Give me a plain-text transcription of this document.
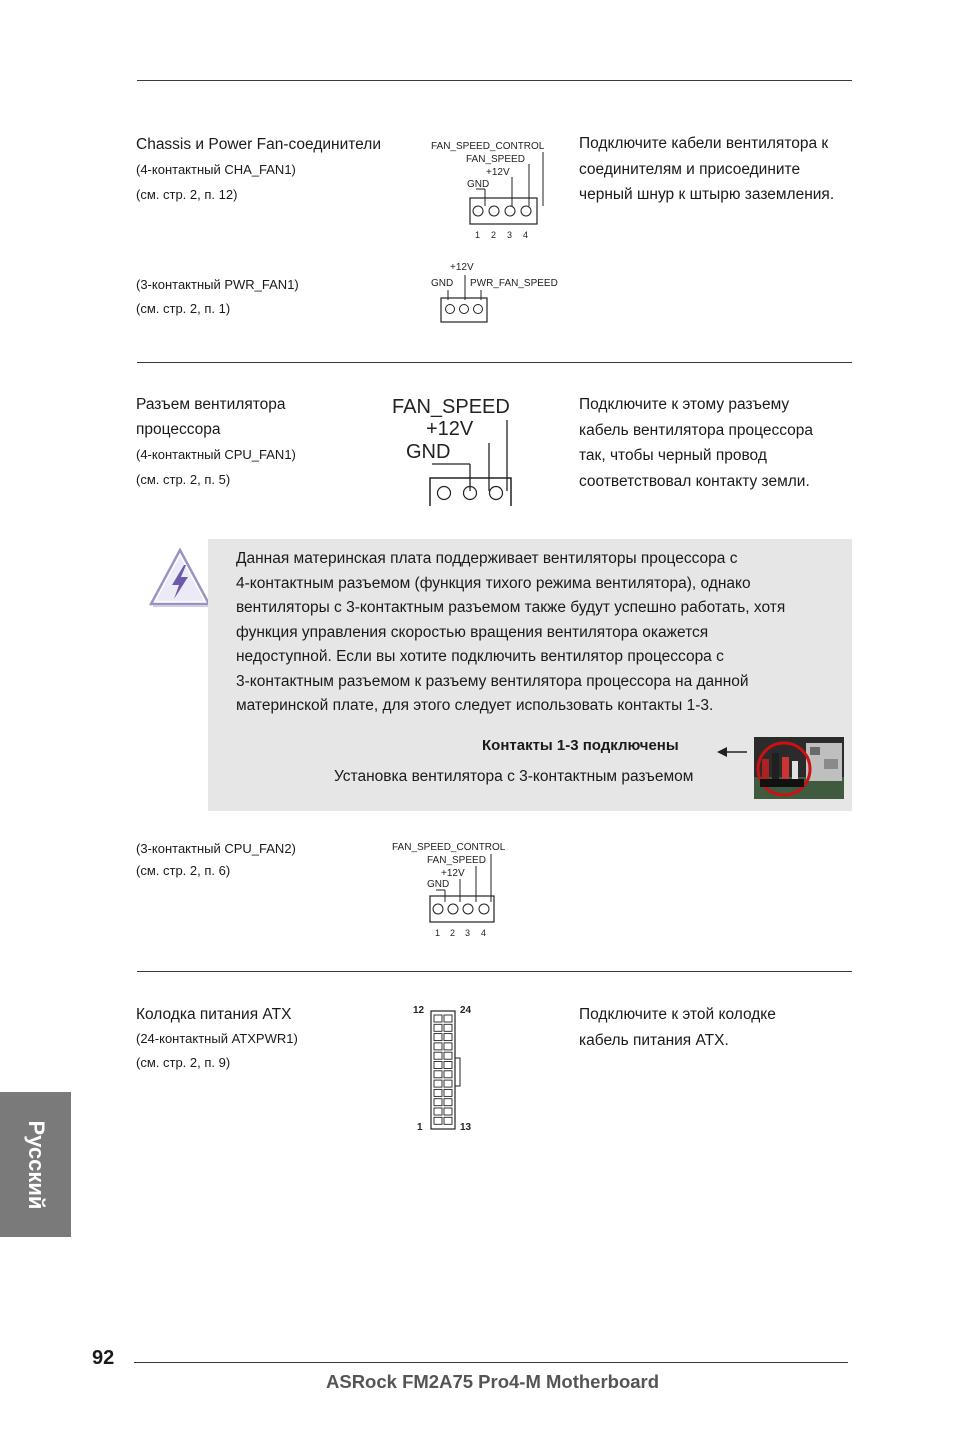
Chassis и Power Fan-соединители
(4-контактный CHA_FAN1)
(см. стр. 2, п. 12)
Подключите кабели вентилятора к
соединителям и присоедините
черный шнур к штырю заземления.
FAN_SPEED_CONTROL
FAN_SPEED
+12V
GND
1 2 3 4
(3-контактный PWR_FAN1)
(см. стр. 2, п. 1)
+12V
GND PWR_FAN_SPEED
Разъем вентилятора
процессора
(4-контактный CPU_FAN1)
(см. стр. 2, п. 5)
Подключите к этому разъему
кабель вентилятора процессора
так, чтобы черный провод
соответствовал контакту земли.
FAN_SPEED
+12V
GND
Данная материнская плата поддерживает вентиляторы процессора с
4-контактным разъемом (функция тихого режима вентилятора), однако
вентиляторы с 3-контактным разъемом также будут успешно работать, хотя
функция управления скоростью вращения вентилятора окажется
недоступной. Если вы хотите подключить вентилятор процессора с
3-контактным разъемом к разъему вентилятора процессора на данной
материнской плате, для этого следует использовать контакты 1-3.
Контакты 1-3 подключены
Установка вентилятора с 3-контактным разъемом
(3-контактный CPU_FAN2)
(см. стр. 2, п. 6)
FAN_SPEED_CONTROL
FAN_SPEED
+12V
GND
1 2 3 4
Колодка питания ATX
(24-контактный ATXPWR1)
(см. стр. 2, п. 9)
Подключите к этой колодке
кабель питания ATX.
12	24
1	13
Русский
92
ASRock FM2A75 Pro4-M Motherboard
